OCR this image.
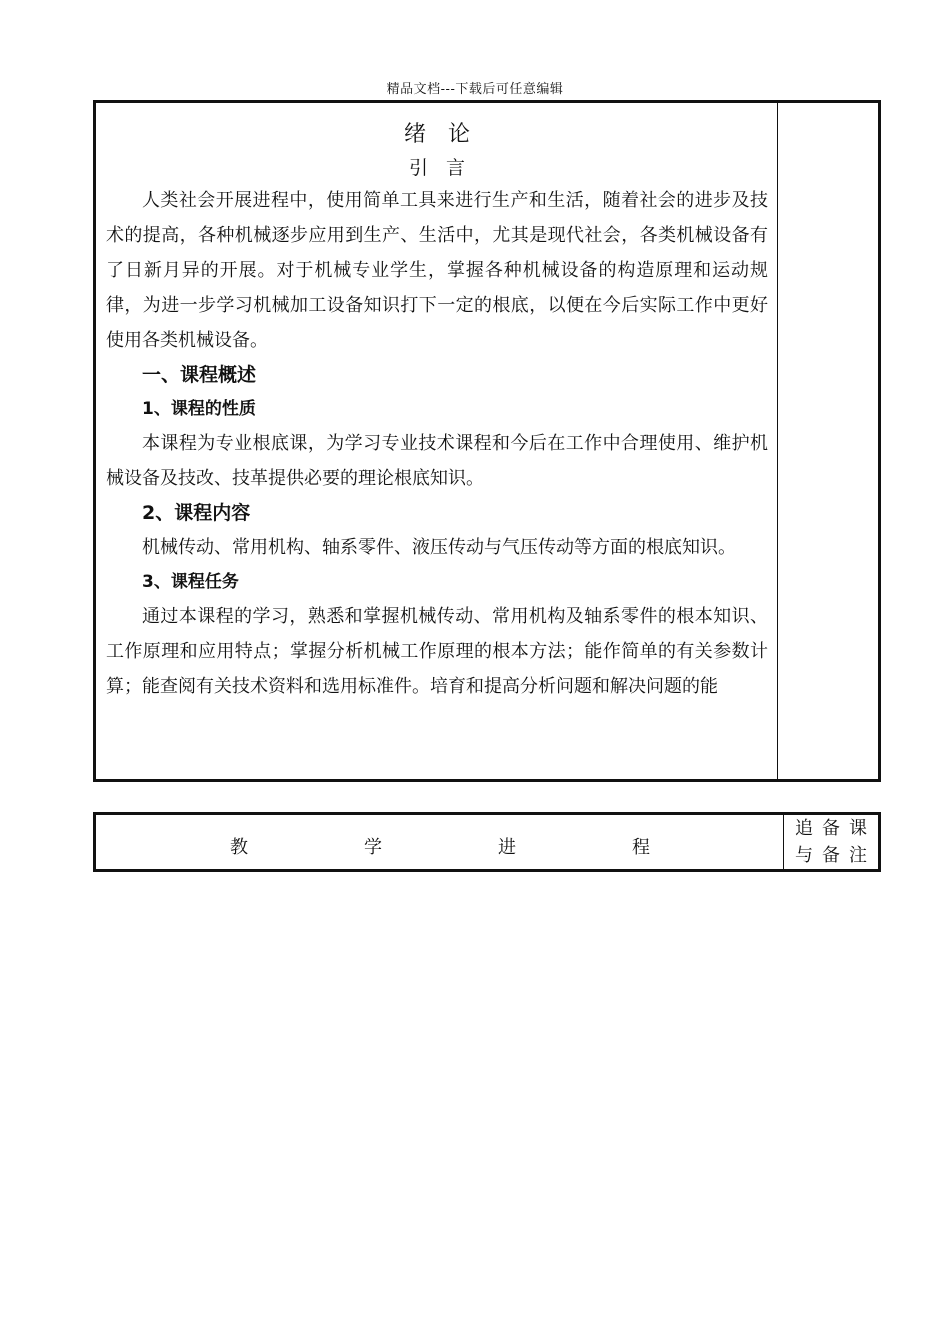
精品文档---下载后可任意编辑
绪论
引言

人类社会开展进程中，使用简单工具来进行生产和生活，随着社会的进步及技术的提高，各种机械逐步应用到生产、生活中，尤其是现代社会，各类机械设备有了日新月异的开展。对于机械专业学生，掌握各种机械设备的构造原理和运动规律，为进一步学习机械加工设备知识打下一定的根底，以便在今后实际工作中更好使用各类机械设备。

一、课程概述
1、课程的性质

本课程为专业根底课，为学习专业技术课程和今后在工作中合理使用、维护机械设备及技改、技革提供必要的理论根底知识。

2、课程内容

机械传动、常用机构、轴系零件、液压传动与气压传动等方面的根底知识。

3、课程任务

通过本课程的学习，熟悉和掌握机械传动、常用机构及轴系零件的根本知识、工作原理和应用特点；掌握分析机械工作原理的根本方法；能作简单的有关参数计算；能查阅有关技术资料和选用标准件。培育和提高分析问题和解决问题的能

教	学	进	程
追备课
与备注
